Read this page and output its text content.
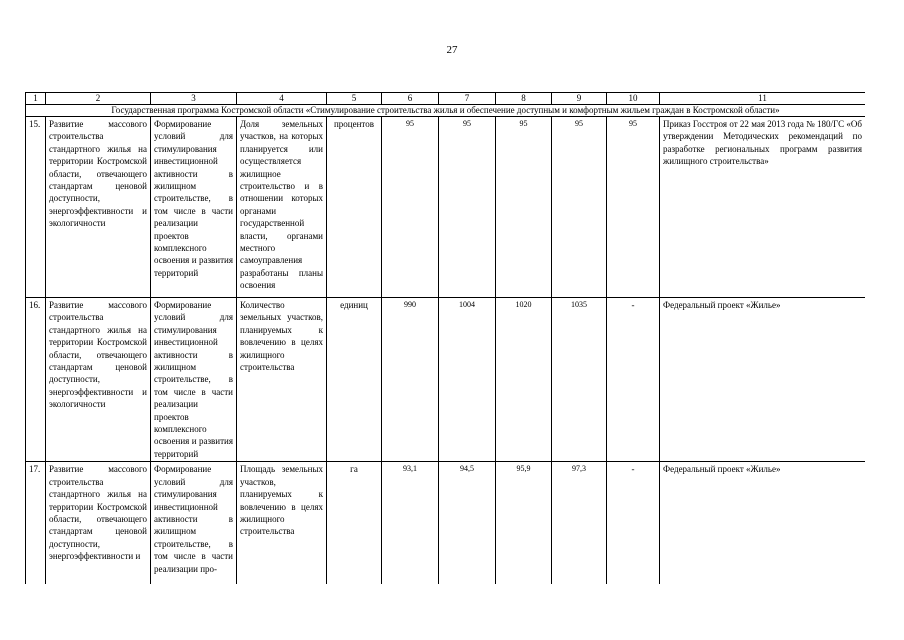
27
1	2	3	4	5	6	7	8	9	10	11
Государственная программа Костромской области «Стимулирование строительства жилья и обеспечение доступным и комфортным жильем граждан в Костромской области»										
15.	Развитие массового строительства стандартного жилья на территории Костромской области, отвечающего стандартам ценовой доступности, энергоэффективности и экологичности	Формирование условий для стимулирования инвестиционной активности в жилищном строительстве, в том числе в части реализации проектов комплексного освоения и развития территорий	Доля земельных участков, на которых планируется или осуществляется жилищное строительство и в отношении которых органами государственной власти, органами местного самоуправления разработаны планы освоения	процентов	95	95	95	95	95	Приказ Госстроя от 22 мая 2013 года № 180/ГС «Об утверждении Методических рекомендаций по разработке региональных программ развития жилищного строительства»
16.	Развитие массового строительства стандартного жилья на территории Костромской области, отвечающего стандартам ценовой доступности, энергоэффективности и экологичности	Формирование условий для стимулирования инвестиционной активности в жилищном строительстве, в том числе в части реализации проектов комплексного освоения и развития территорий	Количество земельных участков, планируемых к вовлечению в целях жилищного строительства	единиц	990	1004	1020	1035	-	Федеральный проект «Жилье»
17.	Развитие массового строительства стандартного жилья на территории Костромской области, отвечающего стандартам ценовой доступности, энергоэффективности и	Формирование условий для стимулирования инвестиционной активности в жилищном строительстве, в том числе в части реализации про-	Площадь земельных участков, планируемых к вовлечению в целях жилищного строительства	га	93,1	94,5	95,9	97,3	-	Федеральный проект «Жилье»
